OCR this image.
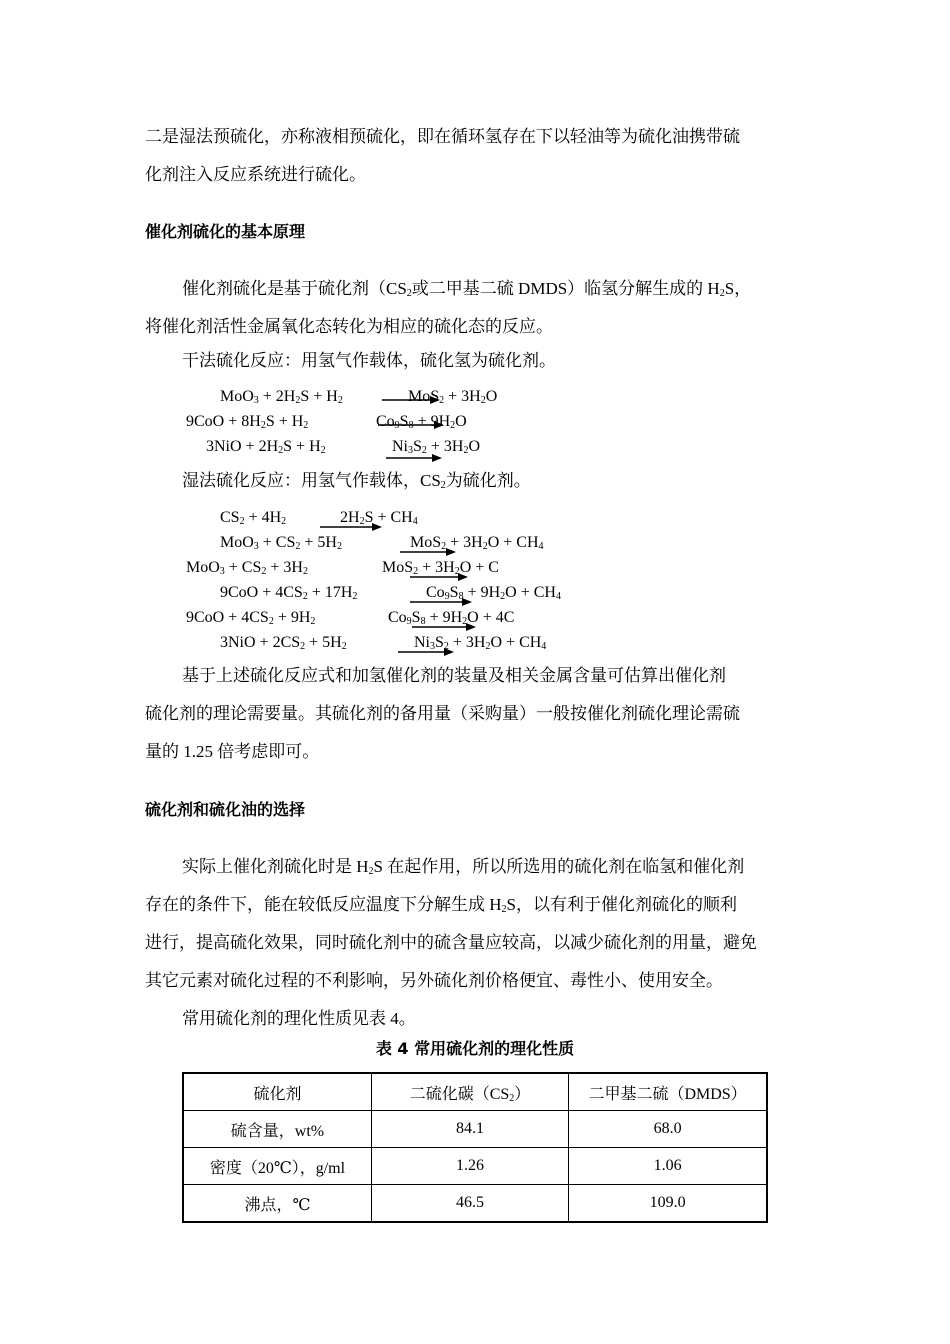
二是湿法预硫化，亦称液相预硫化，即在循环氢存在下以轻油等为硫化油携带硫
化剂注入反应系统进行硫化。
催化剂硫化的基本原理
催化剂硫化是基于硫化剂（$CS_2$或二甲基二硫 DMDS）临氢分解生成的 $H_2S$，
将催化剂活性金属氧化态转化为相应的硫化态的反应。
干法硫化反应：用氢气作载体，硫化氢为硫化剂。
$MoO_3 + 2H_2S + H_2$	$MoS_2 + 3H_2O$
$9CoO + 8H_2S + H_2$	$Co_9S_8 + 9H_2O$
$3NiO + 2H_2S + H_2$	$Ni_3S_2 + 3H_2O$
湿法硫化反应：用氢气作载体，$CS_2$为硫化剂。
$CS_2 + 4H_2$	$2H_2S + CH_4$
$MoO_3 + CS_2 + 5H_2$	$MoS_2 + 3H_2O + CH_4$
$MoO_3 + CS_2 + 3H_2$	$MoS_2 + 3H_2O + C$
$9CoO + 4CS_2 + 17H_2$	$Co_9S_8 + 9H_2O + CH_4$
$9CoO + 4CS_2 + 9H_2$	$Co_9S_8 + 9H_2O + 4C$
$3NiO + 2CS_2 + 5H_2$	$Ni_3S_2 + 3H_2O + CH_4$
基于上述硫化反应式和加氢催化剂的装量及相关金属含量可估算出催化剂
硫化剂的理论需要量。其硫化剂的备用量（采购量）一般按催化剂硫化理论需硫
量的 1.25 倍考虑即可。
硫化剂和硫化油的选择
实际上催化剂硫化时是 $H_2S$ 在起作用，所以所选用的硫化剂在临氢和催化剂
存在的条件下，能在较低反应温度下分解生成 $H_2S$，以有利于催化剂硫化的顺利
进行，提高硫化效果，同时硫化剂中的硫含量应较高，以减少硫化剂的用量，避免
其它元素对硫化过程的不利影响，另外硫化剂价格便宜、毒性小、使用安全。
常用硫化剂的理化性质见表 4。
表 4 常用硫化剂的理化性质
硫化剂	二硫化碳$(CS_2)$	二甲基二硫（DMDS）
硫含量，wt%	84.1	68.0
密度（20℃），g/ml	1.26	1.06
沸点，℃	46.5	109.0
